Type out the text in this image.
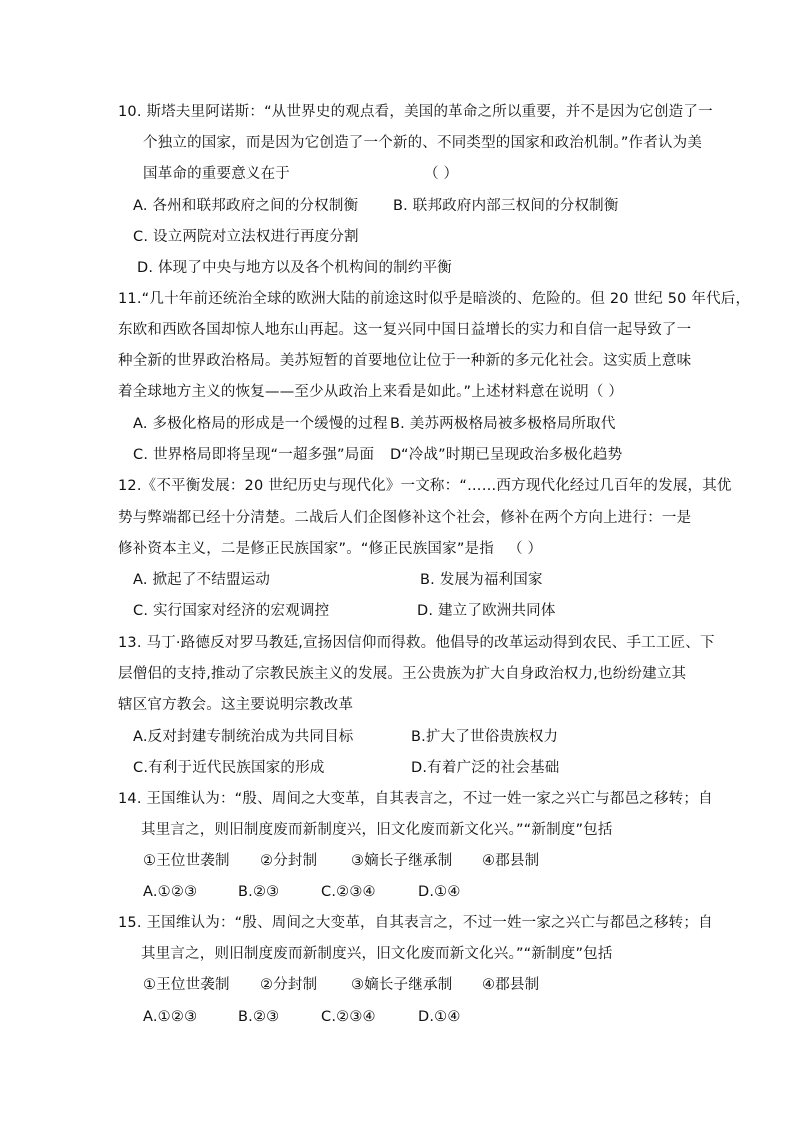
10. 斯塔夫里阿诺斯：“从世界史的观点看，美国的革命之所以重要，并不是因为它创造了一
个独立的国家，而是因为它创造了一个新的、不同类型的国家和政治机制。”作者认为美
国革命的重要意义在于	（ ）
A. 各州和联邦政府之间的分权制衡 B. 联邦政府内部三权间的分权制衡
C. 设立两院对立法权进行再度分割
D. 体现了中央与地方以及各个机构间的制约平衡
11.“几十年前还统治全球的欧洲大陆的前途这时似乎是暗淡的、危险的。但 20 世纪 50 年代后，
东欧和西欧各国却惊人地东山再起。这一复兴同中国日益增长的实力和自信一起导致了一
种全新的世界政治格局。美苏短暂的首要地位让位于一种新的多元化社会。这实质上意味
着全球地方主义的恢复——至少从政治上来看是如此。”上述材料意在说明（ ）
A. 多极化格局的形成是一个缓慢的过程 B. 美苏两极格局被多极格局所取代
C. 世界格局即将呈现“一超多强”局面 D“冷战”时期已呈现政治多极化趋势
12.《不平衡发展：20 世纪历史与现代化》一文称：“……西方现代化经过几百年的发展，其优
势与弊端都已经十分清楚。二战后人们企图修补这个社会，修补在两个方向上进行：一是
修补资本主义，二是修正民族国家”。“修正民族国家”是指 （ ）
A. 掀起了不结盟运动	B. 发展为福利国家
C. 实行国家对经济的宏观调控	D. 建立了欧洲共同体
13. 马丁·路德反对罗马教廷,宣扬因信仰而得救。他倡导的改革运动得到农民、手工工匠、下
层僧侣的支持,推动了宗教民族主义的发展。王公贵族为扩大自身政治权力,也纷纷建立其
辖区官方教会。这主要说明宗教改革
A.反对封建专制统治成为共同目标	B.扩大了世俗贵族权力
C.有利于近代民族国家的形成	D.有着广泛的社会基础
14. 王国维认为：“殷、周间之大变革，自其表言之，不过一姓一家之兴亡与都邑之移转；自
其里言之，则旧制度废而新制度兴，旧文化废而新文化兴。”“新制度”包括
①王位世袭制 ②分封制 ③嫡长子继承制 ④郡县制
A.①②③	B.②③	C.②③④	D.①④
15. 王国维认为：“殷、周间之大变革，自其表言之，不过一姓一家之兴亡与都邑之移转；自
其里言之，则旧制度废而新制度兴，旧文化废而新文化兴。”“新制度”包括
①王位世袭制 ②分封制 ③嫡长子继承制 ④郡县制
A.①②③	B.②③	C.②③④	D.①④
